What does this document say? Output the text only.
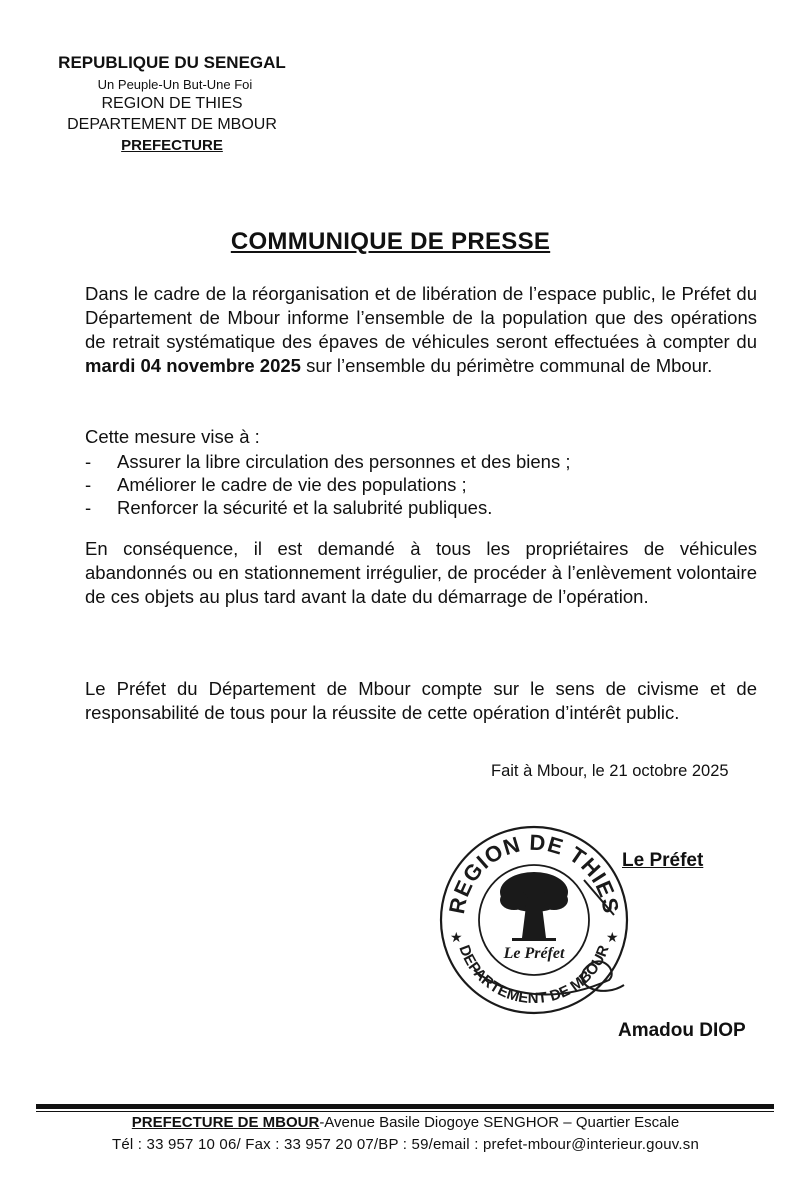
REPUBLIQUE DU SENEGAL
Un Peuple-Un But-Une Foi
REGION DE THIES
DEPARTEMENT DE MBOUR
PREFECTURE
COMMUNIQUE DE PRESSE
Dans le cadre de la réorganisation et de libération de l’espace public, le Préfet du Département de Mbour informe l’ensemble de la population que des opérations de retrait systématique des épaves de véhicules seront effectuées à compter du mardi 04 novembre 2025 sur l’ensemble du périmètre communal de Mbour.
Cette mesure vise à :
- Assurer la libre circulation des personnes et des biens ;
- Améliorer le cadre de vie des populations ;
- Renforcer la sécurité et la salubrité publiques.
En conséquence, il est demandé à tous les propriétaires de véhicules abandonnés ou en stationnement irrégulier, de procéder à l’enlèvement volontaire de ces objets au plus tard avant la date du démarrage de l’opération.
Le Préfet du Département de Mbour compte sur le sens de civisme et de responsabilité de tous pour la réussite de cette opération d’intérêt public.
Fait à Mbour, le 21 octobre 2025
Le Préfet
REGION DE THIES
DEPARTEMENT DE MBOUR
★	★
Le Préfet
Amadou DIOP
PREFECTURE DE MBOUR-Avenue Basile Diogoye SENGHOR – Quartier Escale
Tél : 33 957 10 06/ Fax : 33 957 20 07/BP : 59/email : prefet-mbour@interieur.gouv.sn
